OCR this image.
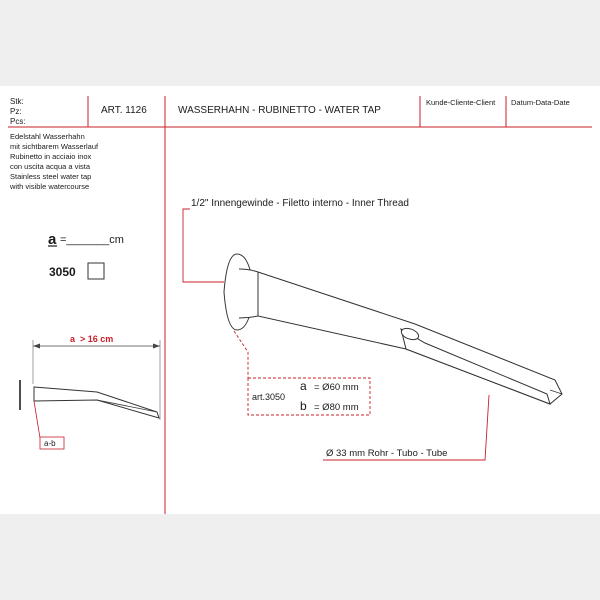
Stk:
Pz:
Pcs:
ART. 1126	WASSERHAHN - RUBINETTO - WATER TAP
Kunde-Cliente-Client Datum-Data-Date
Edelstahl Wasserhahn
mit sichtbarem Wasserlauf
Rubinetto in acciaio inox
con uscita acqua a vista
Stainless steel water tap
with visible watercourse
a =_______cm
3050
a > 16 cm
a-b
1/2" Innengewinde - Filetto interno - Inner Thread
art.3050
a = Ø60 mm
b = Ø80 mm
Ø 33 mm Rohr - Tubo - Tube
